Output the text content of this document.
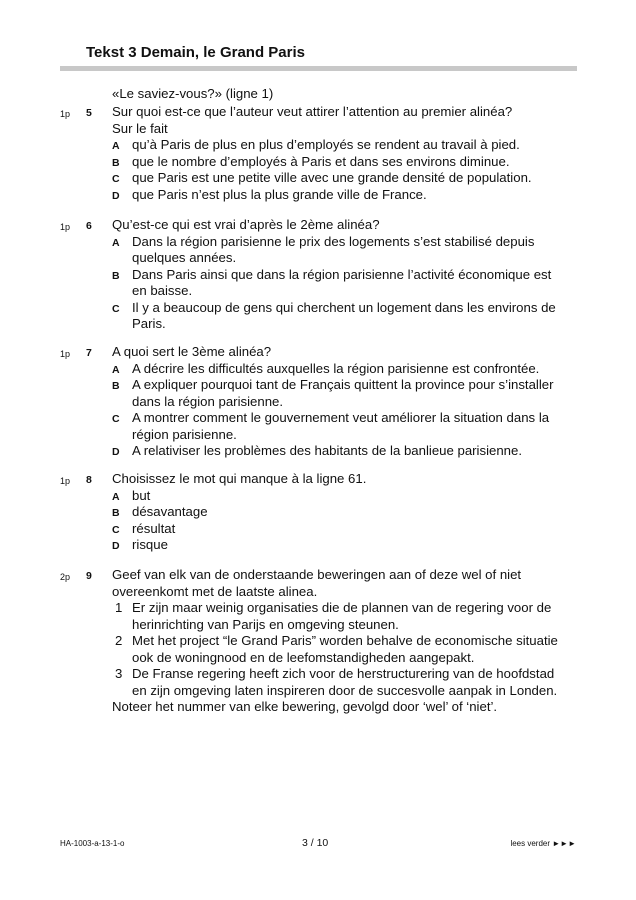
Tekst 3 Demain, le Grand Paris
«Le saviez-vous?» (ligne 1)
1p 5 Sur quoi est-ce que l’auteur veut attirer l’attention au premier alinéa?
Sur le fait
A qu’à Paris de plus en plus d’employés se rendent au travail à pied.
B que le nombre d’employés à Paris et dans ses environs diminue.
C que Paris est une petite ville avec une grande densité de population.
D que Paris n’est plus la plus grande ville de France.
1p 6 Qu’est-ce qui est vrai d’après le 2ème alinéa?
A Dans la région parisienne le prix des logements s’est stabilisé depuis quelques années.
B Dans Paris ainsi que dans la région parisienne l’activité économique est en baisse.
C Il y a beaucoup de gens qui cherchent un logement dans les environs de Paris.
1p 7 A quoi sert le 3ème alinéa?
A A décrire les difficultés auxquelles la région parisienne est confrontée.
B A expliquer pourquoi tant de Français quittent la province pour s’installer dans la région parisienne.
C A montrer comment le gouvernement veut améliorer la situation dans la région parisienne.
D A relativiser les problèmes des habitants de la banlieue parisienne.
1p 8 Choisissez le mot qui manque à la ligne 61.
A but
B désavantage
C résultat
D risque
2p 9 Geef van elk van de onderstaande beweringen aan of deze wel of niet overeenkomt met de laatste alinea.
1 Er zijn maar weinig organisaties die de plannen van de regering voor de herinrichting van Parijs en omgeving steunen.
2 Met het project “le Grand Paris” worden behalve de economische situatie ook de woningnood en de leefomstandigheden aangepakt.
3 De Franse regering heeft zich voor de herstructurering van de hoofdstad en zijn omgeving laten inspireren door de succesvolle aanpak in Londen.
Noteer het nummer van elke bewering, gevolgd door ‘wel’ of ‘niet’.
HA-1003-a-13-1-o	3 / 10	lees verder ►►►
